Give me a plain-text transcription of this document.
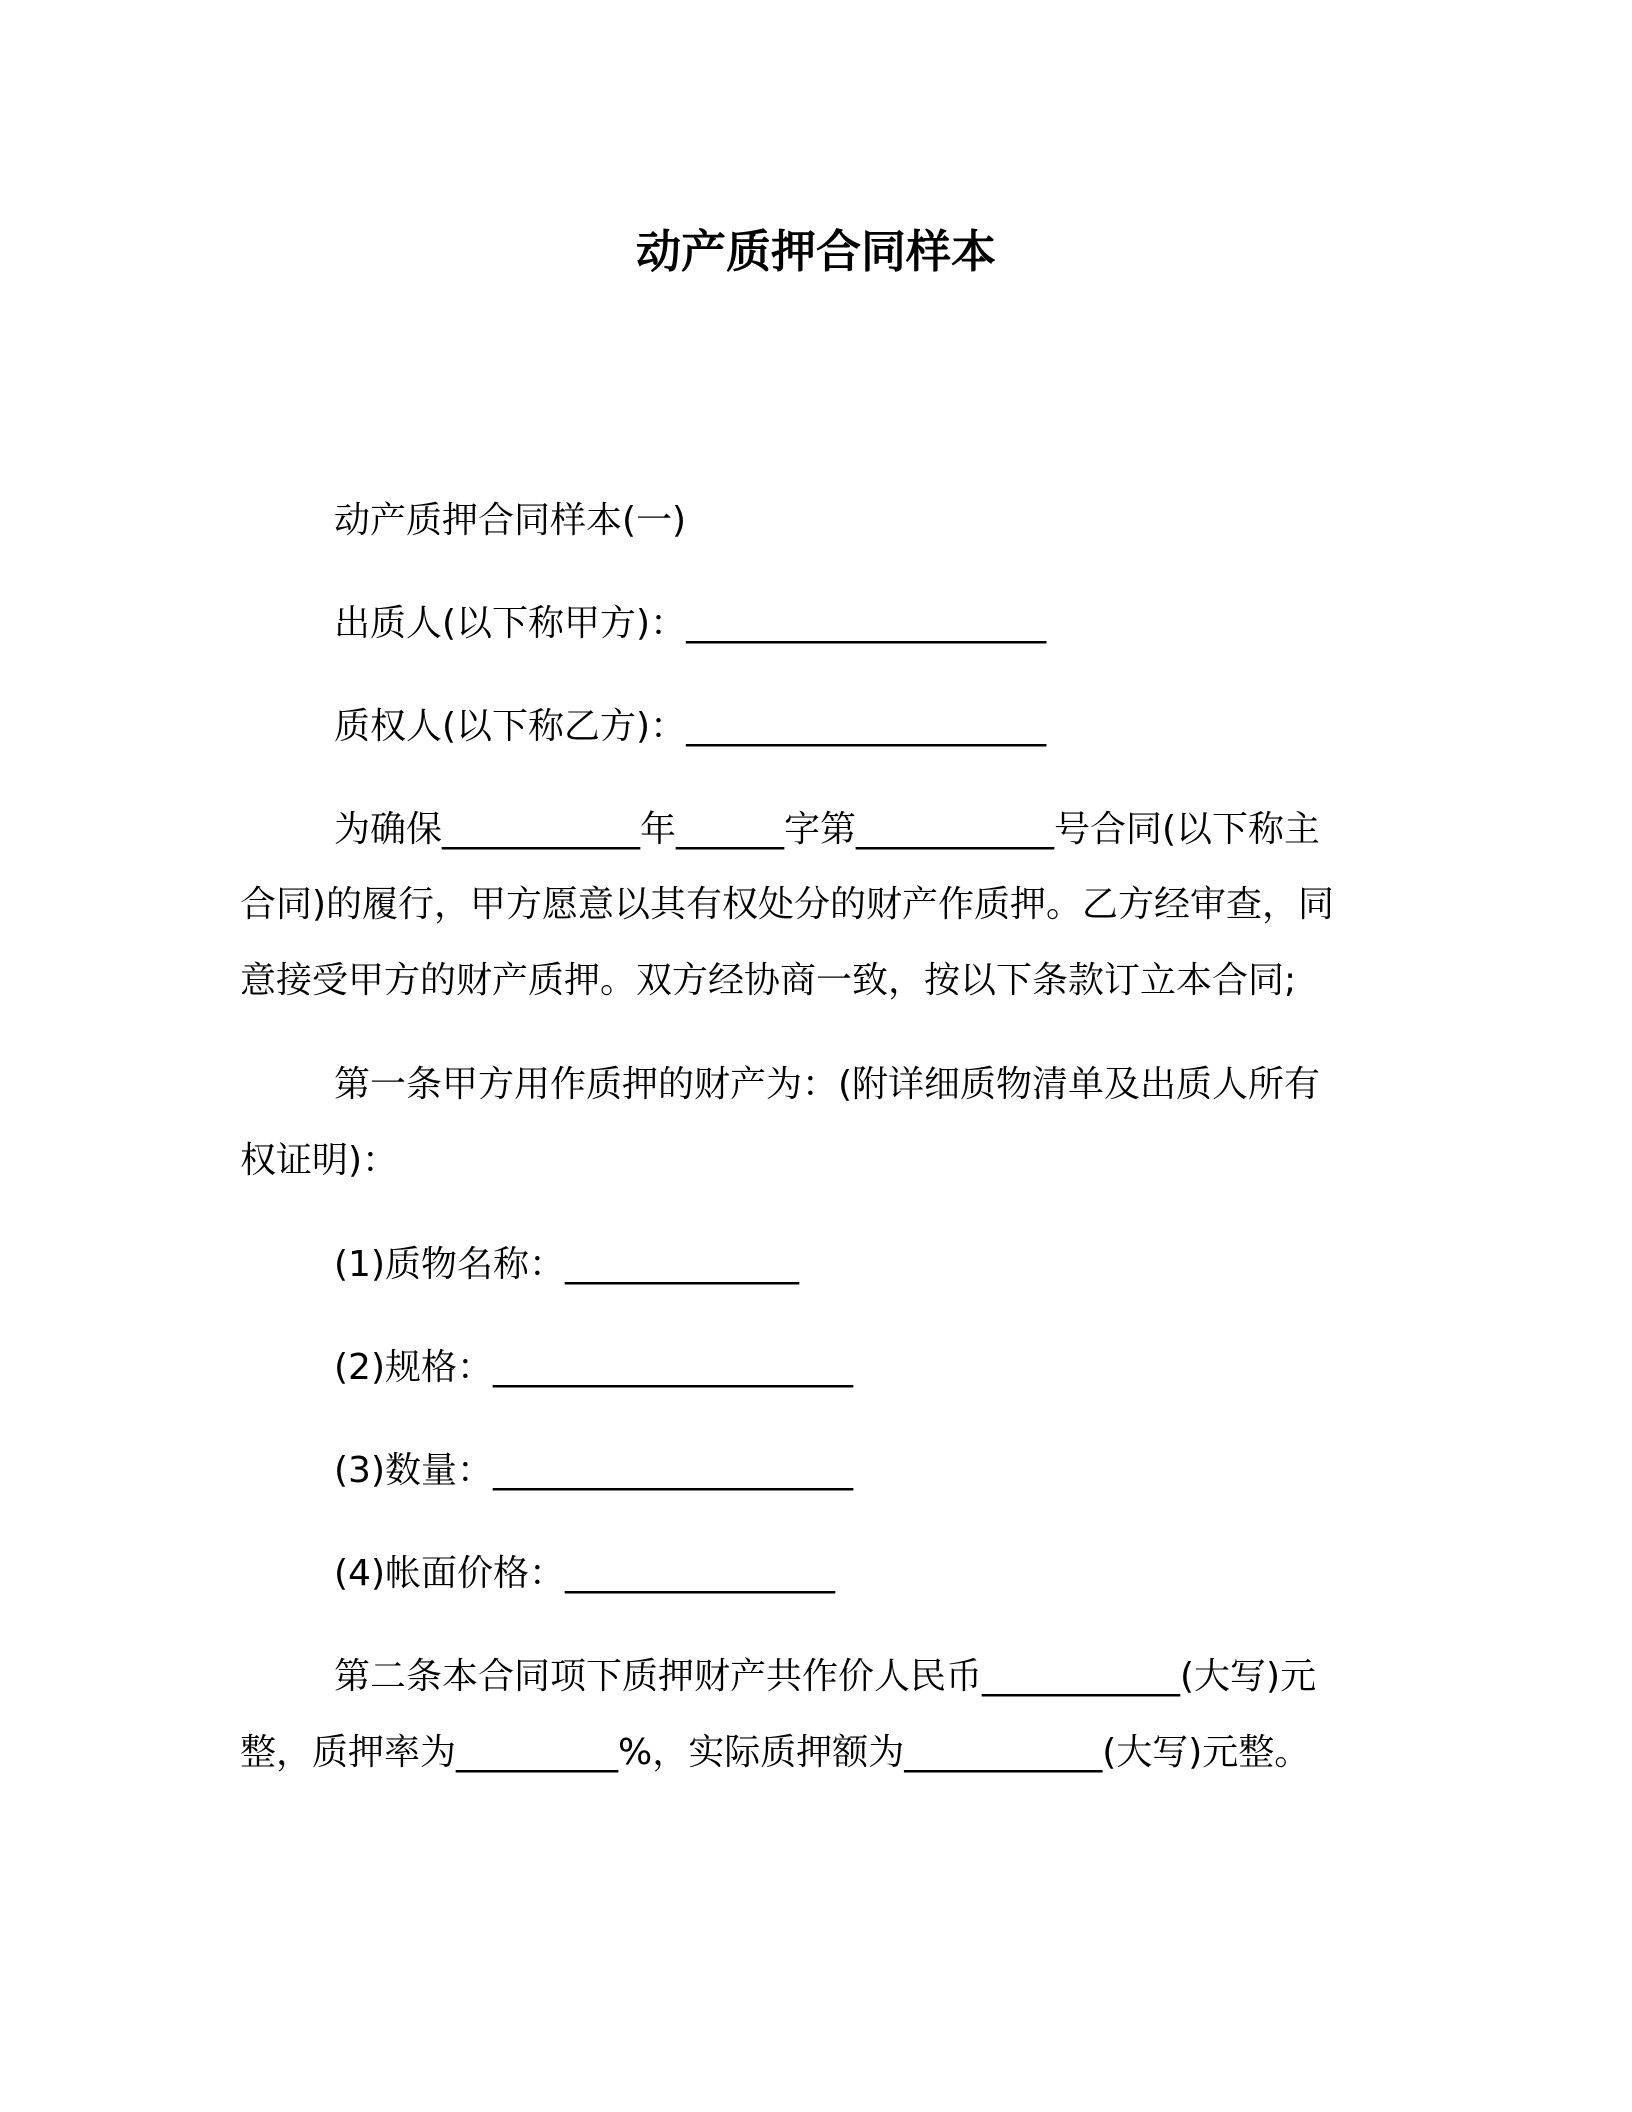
动产质押合同样本
动产质押合同样本(一)
出质人(以下称甲方)：____________________
质权人(以下称乙方)：____________________
为确保___________年______字第___________号合同(以下称主
合同)的履行，甲方愿意以其有权处分的财产作质押。乙方经审查，同
意接受甲方的财产质押。双方经协商一致，按以下条款订立本合同;
第一条甲方用作质押的财产为：(附详细质物清单及出质人所有
权证明)：
(1)质物名称：_____________
(2)规格：____________________
(3)数量：____________________
(4)帐面价格：_______________
第二条本合同项下质押财产共作价人民币___________(大写)元
整，质押率为_________%，实际质押额为___________(大写)元整。
